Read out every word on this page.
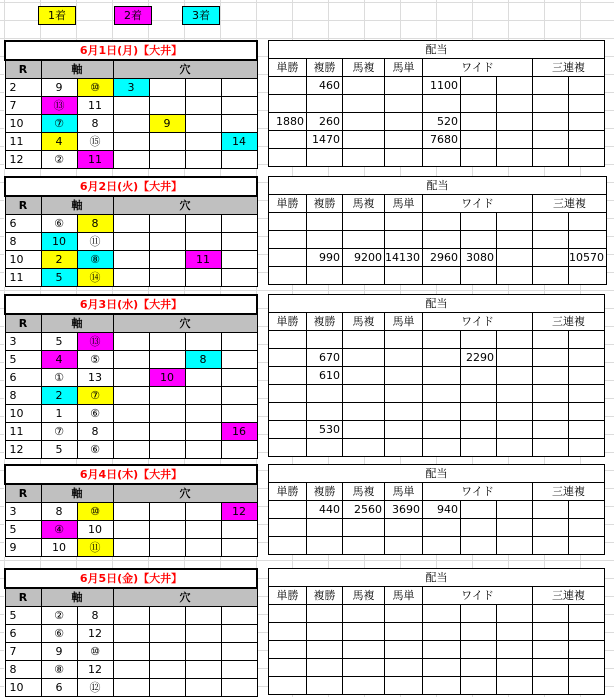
1着	2着	3着
6月1日(月)【大井】						
R	軸		穴			
2	9	⑩	3			
7	⑬	11				
10	⑦	8		9		
11	4	⑮				14
12	②	11				
配当								
単勝	複勝	馬複	馬単	ワイド			三連複	
	460			1100				

1880	260			520				
	1470			7680				

6月2日(火)【大井】						
R	軸		穴			
6	⑥	8				
8	10	⑪				
10	2	⑧			11	
11	5	⑭				
配当								
単勝	複勝	馬複	馬単	ワイド			三連複	

	990	9200	14130	2960	3080			10570

6月3日(水)【大井】						
R	軸		穴			
3	5	⑬				
5	4	⑤			8	
6	①	13		10		
8	2	⑦				
10	1	⑥				
11	⑦	8				16
12	5	⑥				
配当								
単勝	複勝	馬複	馬単	ワイド			三連複	

	670				2290			
	610							

	530							

6月4日(木)【大井】						
R	軸		穴			
3	8	⑩				12
5	④	10				
9	10	⑪				
配当								
単勝	複勝	馬複	馬単	ワイド			三連複	
	440	2560	3690	940				

6月5日(金)【大井】						
R	軸		穴			
5	②	8				
6	⑥	12				
7	9	⑩				
8	⑧	12				
10	6	⑫				
配当								
単勝	複勝	馬複	馬単	ワイド			三連複	
